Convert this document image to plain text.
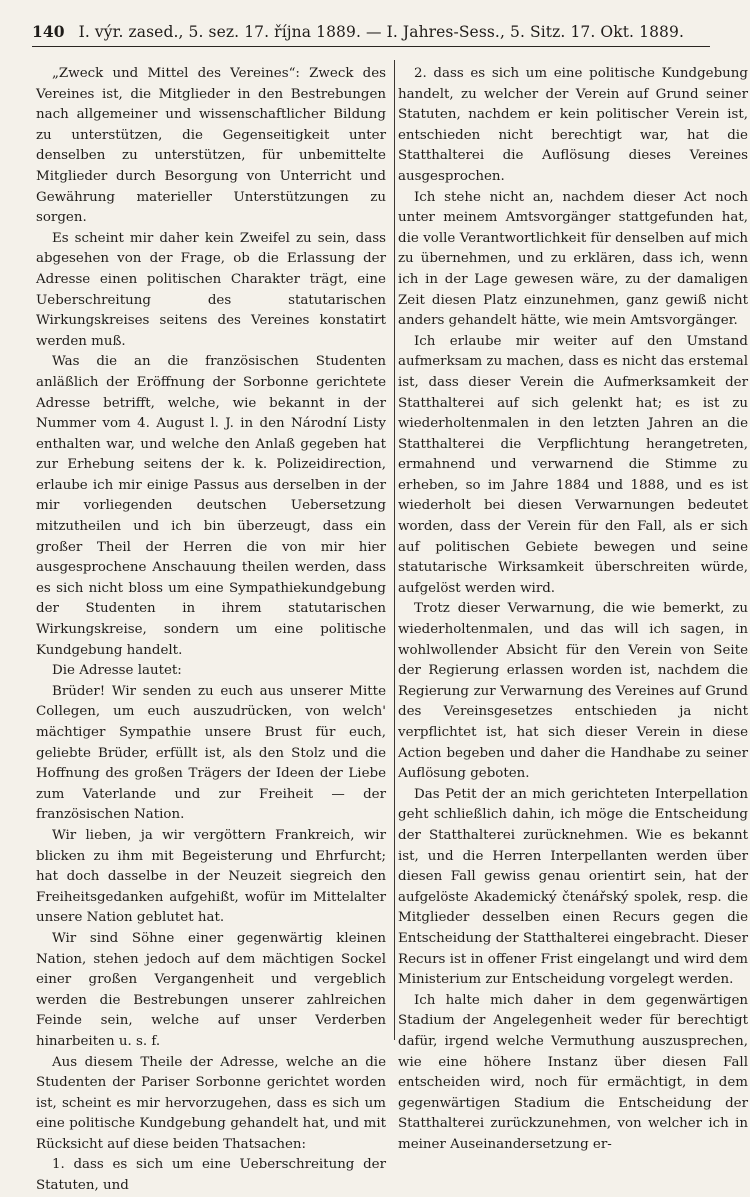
140 I. výr. zased., 5. sez. 17. října 1889. — I. Jahres-Sess., 5. Sitz. 17. Okt. 1889.

„Zweck und Mittel des Vereines“: Zweck des Vereines ist, die Mitglieder in den Bestrebungen nach allgemeiner und wissenschaftlicher Bildung zu unterstützen, die Gegenseitigkeit unter denselben zu unterstützen, für unbemittelte Mitglieder durch Besorgung von Unterricht und Gewährung materieller Unterstützungen zu sorgen.

Es scheint mir daher kein Zweifel zu sein, dass abgesehen von der Frage, ob die Erlassung der Adresse einen politischen Charakter trägt, eine Ueberschreitung des statutarischen Wirkungskreises seitens des Vereines konstatirt werden muß.

Was die an die französischen Studenten anläßlich der Eröffnung der Sorbonne gerichtete Adresse betrifft, welche, wie bekannt in der Nummer vom 4. August l. J. in den Národní Listy enthalten war, und welche den Anlaß gegeben hat zur Erhebung seitens der k. k. Polizeidirection, erlaube ich mir einige Passus aus derselben in der mir vorliegenden deutschen Uebersetzung mitzutheilen und ich bin überzeugt, dass ein großer Theil der Herren die von mir hier ausgesprochene Anschauung theilen werden, dass es sich nicht bloss um eine Sympathiekundgebung der Studenten in ihrem statutarischen Wirkungskreise, sondern um eine politische Kundgebung handelt.

Die Adresse lautet:

Brüder! Wir senden zu euch aus unserer Mitte Collegen, um euch auszudrücken, von welch' mächtiger Sympathie unsere Brust für euch, geliebte Brüder, erfüllt ist, als den Stolz und die Hoffnung des großen Trägers der Ideen der Liebe zum Vaterlande und zur Freiheit — der französischen Nation.

Wir lieben, ja wir vergöttern Frankreich, wir blicken zu ihm mit Begeisterung und Ehrfurcht; hat doch dasselbe in der Neuzeit siegreich den Freiheitsgedanken aufgehißt, wofür im Mittelalter unsere Nation geblutet hat.

Wir sind Söhne einer gegenwärtig kleinen Nation, stehen jedoch auf dem mächtigen Sockel einer großen Vergangenheit und vergeblich werden die Bestrebungen unserer zahlreichen Feinde sein, welche auf unser Verderben hinarbeiten u. s. f.

Aus diesem Theile der Adresse, welche an die Studenten der Pariser Sorbonne gerichtet worden ist, scheint es mir hervorzugehen, dass es sich um eine politische Kundgebung gehandelt hat, und mit Rücksicht auf diese beiden Thatsachen:

1. dass es sich um eine Ueberschreitung der Statuten, und

2. dass es sich um eine politische Kundgebung handelt, zu welcher der Verein auf Grund seiner Statuten, nachdem er kein politischer Verein ist, entschieden nicht berechtigt war, hat die Statthalterei die Auflösung dieses Vereines ausgesprochen.

Ich stehe nicht an, nachdem dieser Act noch unter meinem Amtsvorgänger stattgefunden hat, die volle Verantwortlichkeit für denselben auf mich zu übernehmen, und zu erklären, dass ich, wenn ich in der Lage gewesen wäre, zu der damaligen Zeit diesen Platz einzunehmen, ganz gewiß nicht anders gehandelt hätte, wie mein Amtsvorgänger.

Ich erlaube mir weiter auf den Umstand aufmerksam zu machen, dass es nicht das erstemal ist, dass dieser Verein die Aufmerksamkeit der Statthalterei auf sich gelenkt hat; es ist zu wiederholtenmalen in den letzten Jahren an die Statthalterei die Verpflichtung herangetreten, ermahnend und verwarnend die Stimme zu erheben, so im Jahre 1884 und 1888, und es ist wiederholt bei diesen Verwarnungen bedeutet worden, dass der Verein für den Fall, als er sich auf politischen Gebiete bewegen und seine statutarische Wirksamkeit überschreiten würde, aufgelöst werden wird.

Trotz dieser Verwarnung, die wie bemerkt, zu wiederholtenmalen, und das will ich sagen, in wohlwollender Absicht für den Verein von Seite der Regierung erlassen worden ist, nachdem die Regierung zur Verwarnung des Vereines auf Grund des Vereinsgesetzes entschieden ja nicht verpflichtet ist, hat sich dieser Verein in diese Action begeben und daher die Handhabe zu seiner Auflösung geboten.

Das Petit der an mich gerichteten Interpellation geht schließlich dahin, ich möge die Entscheidung der Statthalterei zurücknehmen. Wie es bekannt ist, und die Herren Interpellanten werden über diesen Fall gewiss genau orientirt sein, hat der aufgelöste Akademický čtenářský spolek, resp. die Mitglieder desselben einen Recurs gegen die Entscheidung der Statthalterei eingebracht. Dieser Recurs ist in offener Frist eingelangt und wird dem Ministerium zur Entscheidung vorgelegt werden.

Ich halte mich daher in dem gegenwärtigen Stadium der Angelegenheit weder für berechtigt dafür, irgend welche Vermuthung auszusprechen, wie eine höhere Instanz über diesen Fall entscheiden wird, noch für ermächtigt, in dem gegenwärtigen Stadium die Entscheidung der Statthalterei zurückzunehmen, von welcher ich in meiner Auseinandersetzung er-
